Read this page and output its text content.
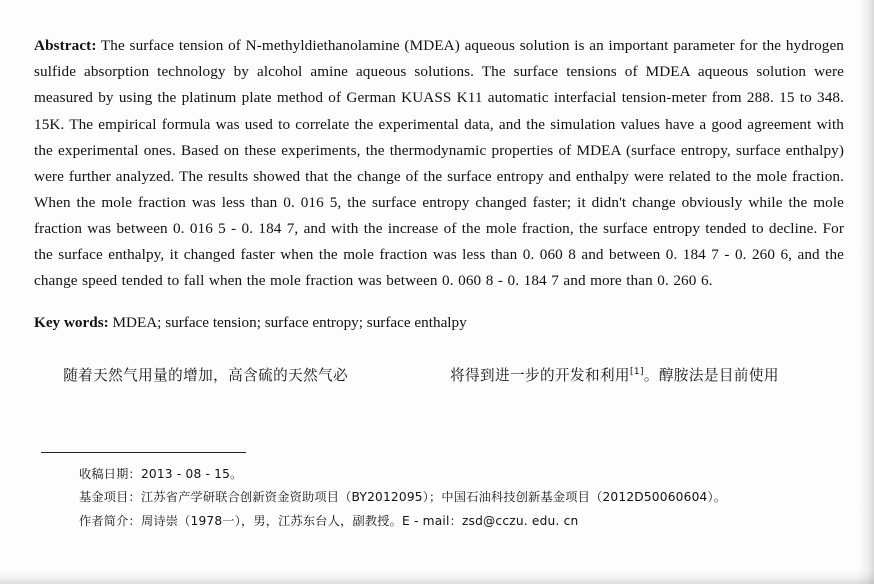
Abstract: The surface tension of N-methyldiethanolamine (MDEA) aqueous solution is an important parameter for the hydrogen sulfide absorption technology by alcohol amine aqueous solutions. The surface tensions of MDEA aqueous solution were measured by using the platinum plate method of German KUASS K11 automatic interfacial tension-meter from 288. 15 to 348. 15K. The empirical formula was used to correlate the experimental data, and the simulation values have a good agreement with the experimental ones. Based on these experiments, the thermodynamic properties of MDEA (surface entropy, surface enthalpy) were further analyzed. The results showed that the change of the surface entropy and enthalpy were related to the mole fraction. When the mole fraction was less than 0. 016 5, the surface entropy changed faster; it didn't change obviously while the mole fraction was between 0. 016 5 - 0. 184 7, and with the increase of the mole fraction, the surface entropy tended to decline. For the surface enthalpy, it changed faster when the mole fraction was less than 0. 060 8 and between 0. 184 7 - 0. 260 6, and the change speed tended to fall when the mole fraction was between 0. 060 8 - 0. 184 7 and more than 0. 260 6.

Key words: MDEA; surface tension; surface entropy; surface enthalpy

随着天然气用量的增加，高含硫的天然气必	将得到进一步的开发和利用[1]。醇胺法是目前使用
收稿日期：2013 - 08 - 15。
基金项目：江苏省产学研联合创新资金资助项目（BY2012095）；中国石油科技创新基金项目（2012D50060604）。
作者简介：周诗崇（1978一），男，江苏东台人，副教授。E - mail：zsd@cczu. edu. cn
